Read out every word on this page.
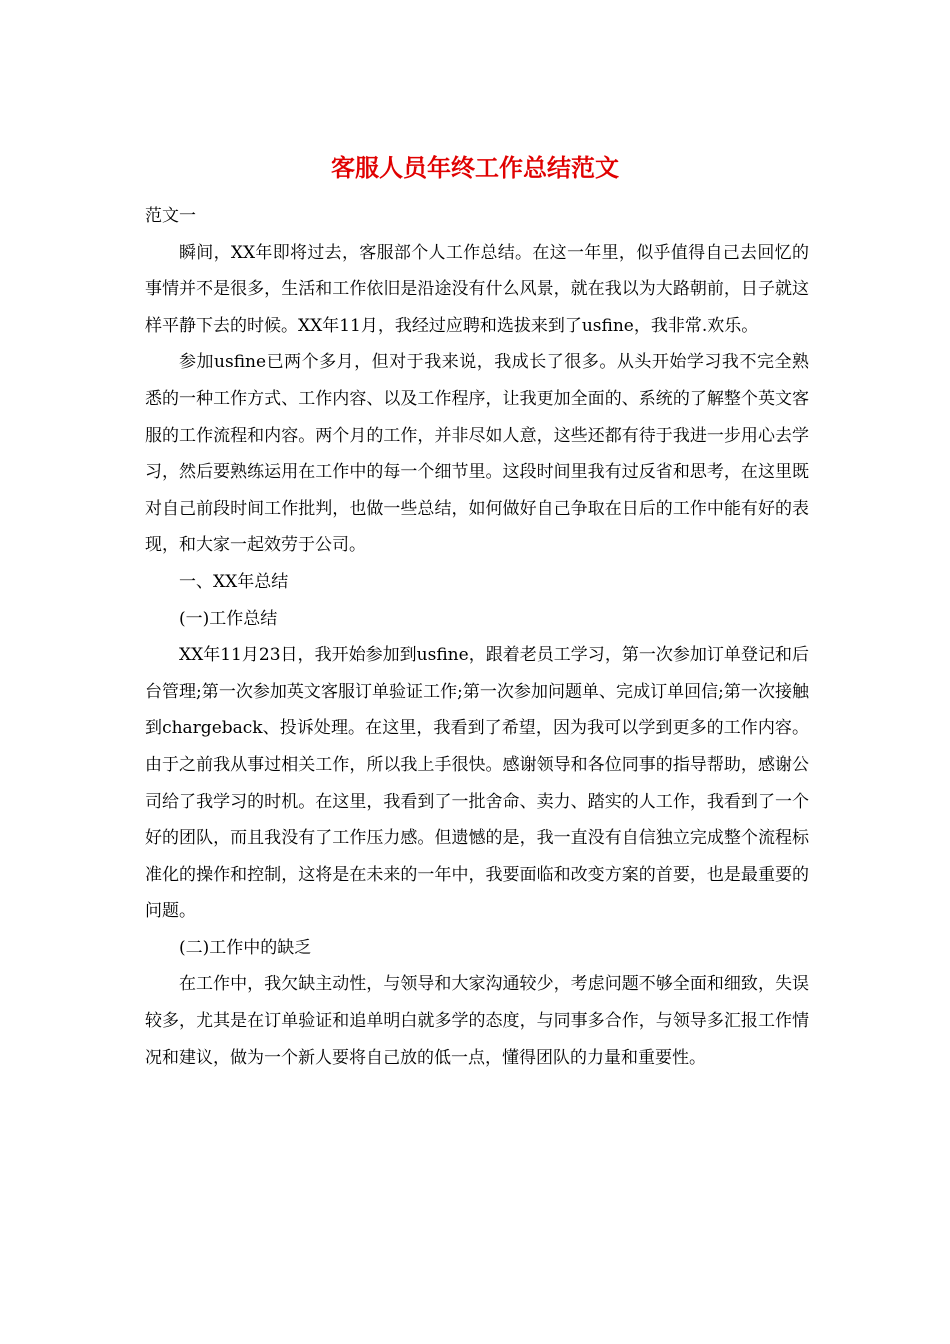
客服人员年终工作总结范文

范文一

瞬间，XX年即将过去，客服部个人工作总结。在这一年里，似乎值得自己去回忆的事情并不是很多，生活和工作依旧是沿途没有什么风景，就在我以为大路朝前，日子就这样平静下去的时候。XX年11月，我经过应聘和选拔来到了usfine，我非常.欢乐。

参加usfine已两个多月，但对于我来说，我成长了很多。从头开始学习我不完全熟悉的一种工作方式、工作内容、以及工作程序，让我更加全面的、系统的了解整个英文客服的工作流程和内容。两个月的工作，并非尽如人意，这些还都有待于我进一步用心去学习，然后要熟练运用在工作中的每一个细节里。这段时间里我有过反省和思考，在这里既对自己前段时间工作批判，也做一些总结，如何做好自己争取在日后的工作中能有好的表现，和大家一起效劳于公司。

一、XX年总结

(一)工作总结

XX年11月23日，我开始参加到usfine，跟着老员工学习，第一次参加订单登记和后台管理;第一次参加英文客服订单验证工作;第一次参加问题单、完成订单回信;第一次接触到chargeback、投诉处理。在这里，我看到了希望，因为我可以学到更多的工作内容。由于之前我从事过相关工作，所以我上手很快。感谢领导和各位同事的指导帮助，感谢公司给了我学习的时机。在这里，我看到了一批舍命、卖力、踏实的人工作，我看到了一个好的团队，而且我没有了工作压力感。但遗憾的是，我一直没有自信独立完成整个流程标准化的操作和控制，这将是在未来的一年中，我要面临和改变方案的首要，也是最重要的问题。

(二)工作中的缺乏

在工作中，我欠缺主动性，与领导和大家沟通较少，考虑问题不够全面和细致，失误较多，尤其是在订单验证和追单明白就多学的态度，与同事多合作，与领导多汇报工作情况和建议，做为一个新人要将自己放的低一点，懂得团队的力量和重要性。
